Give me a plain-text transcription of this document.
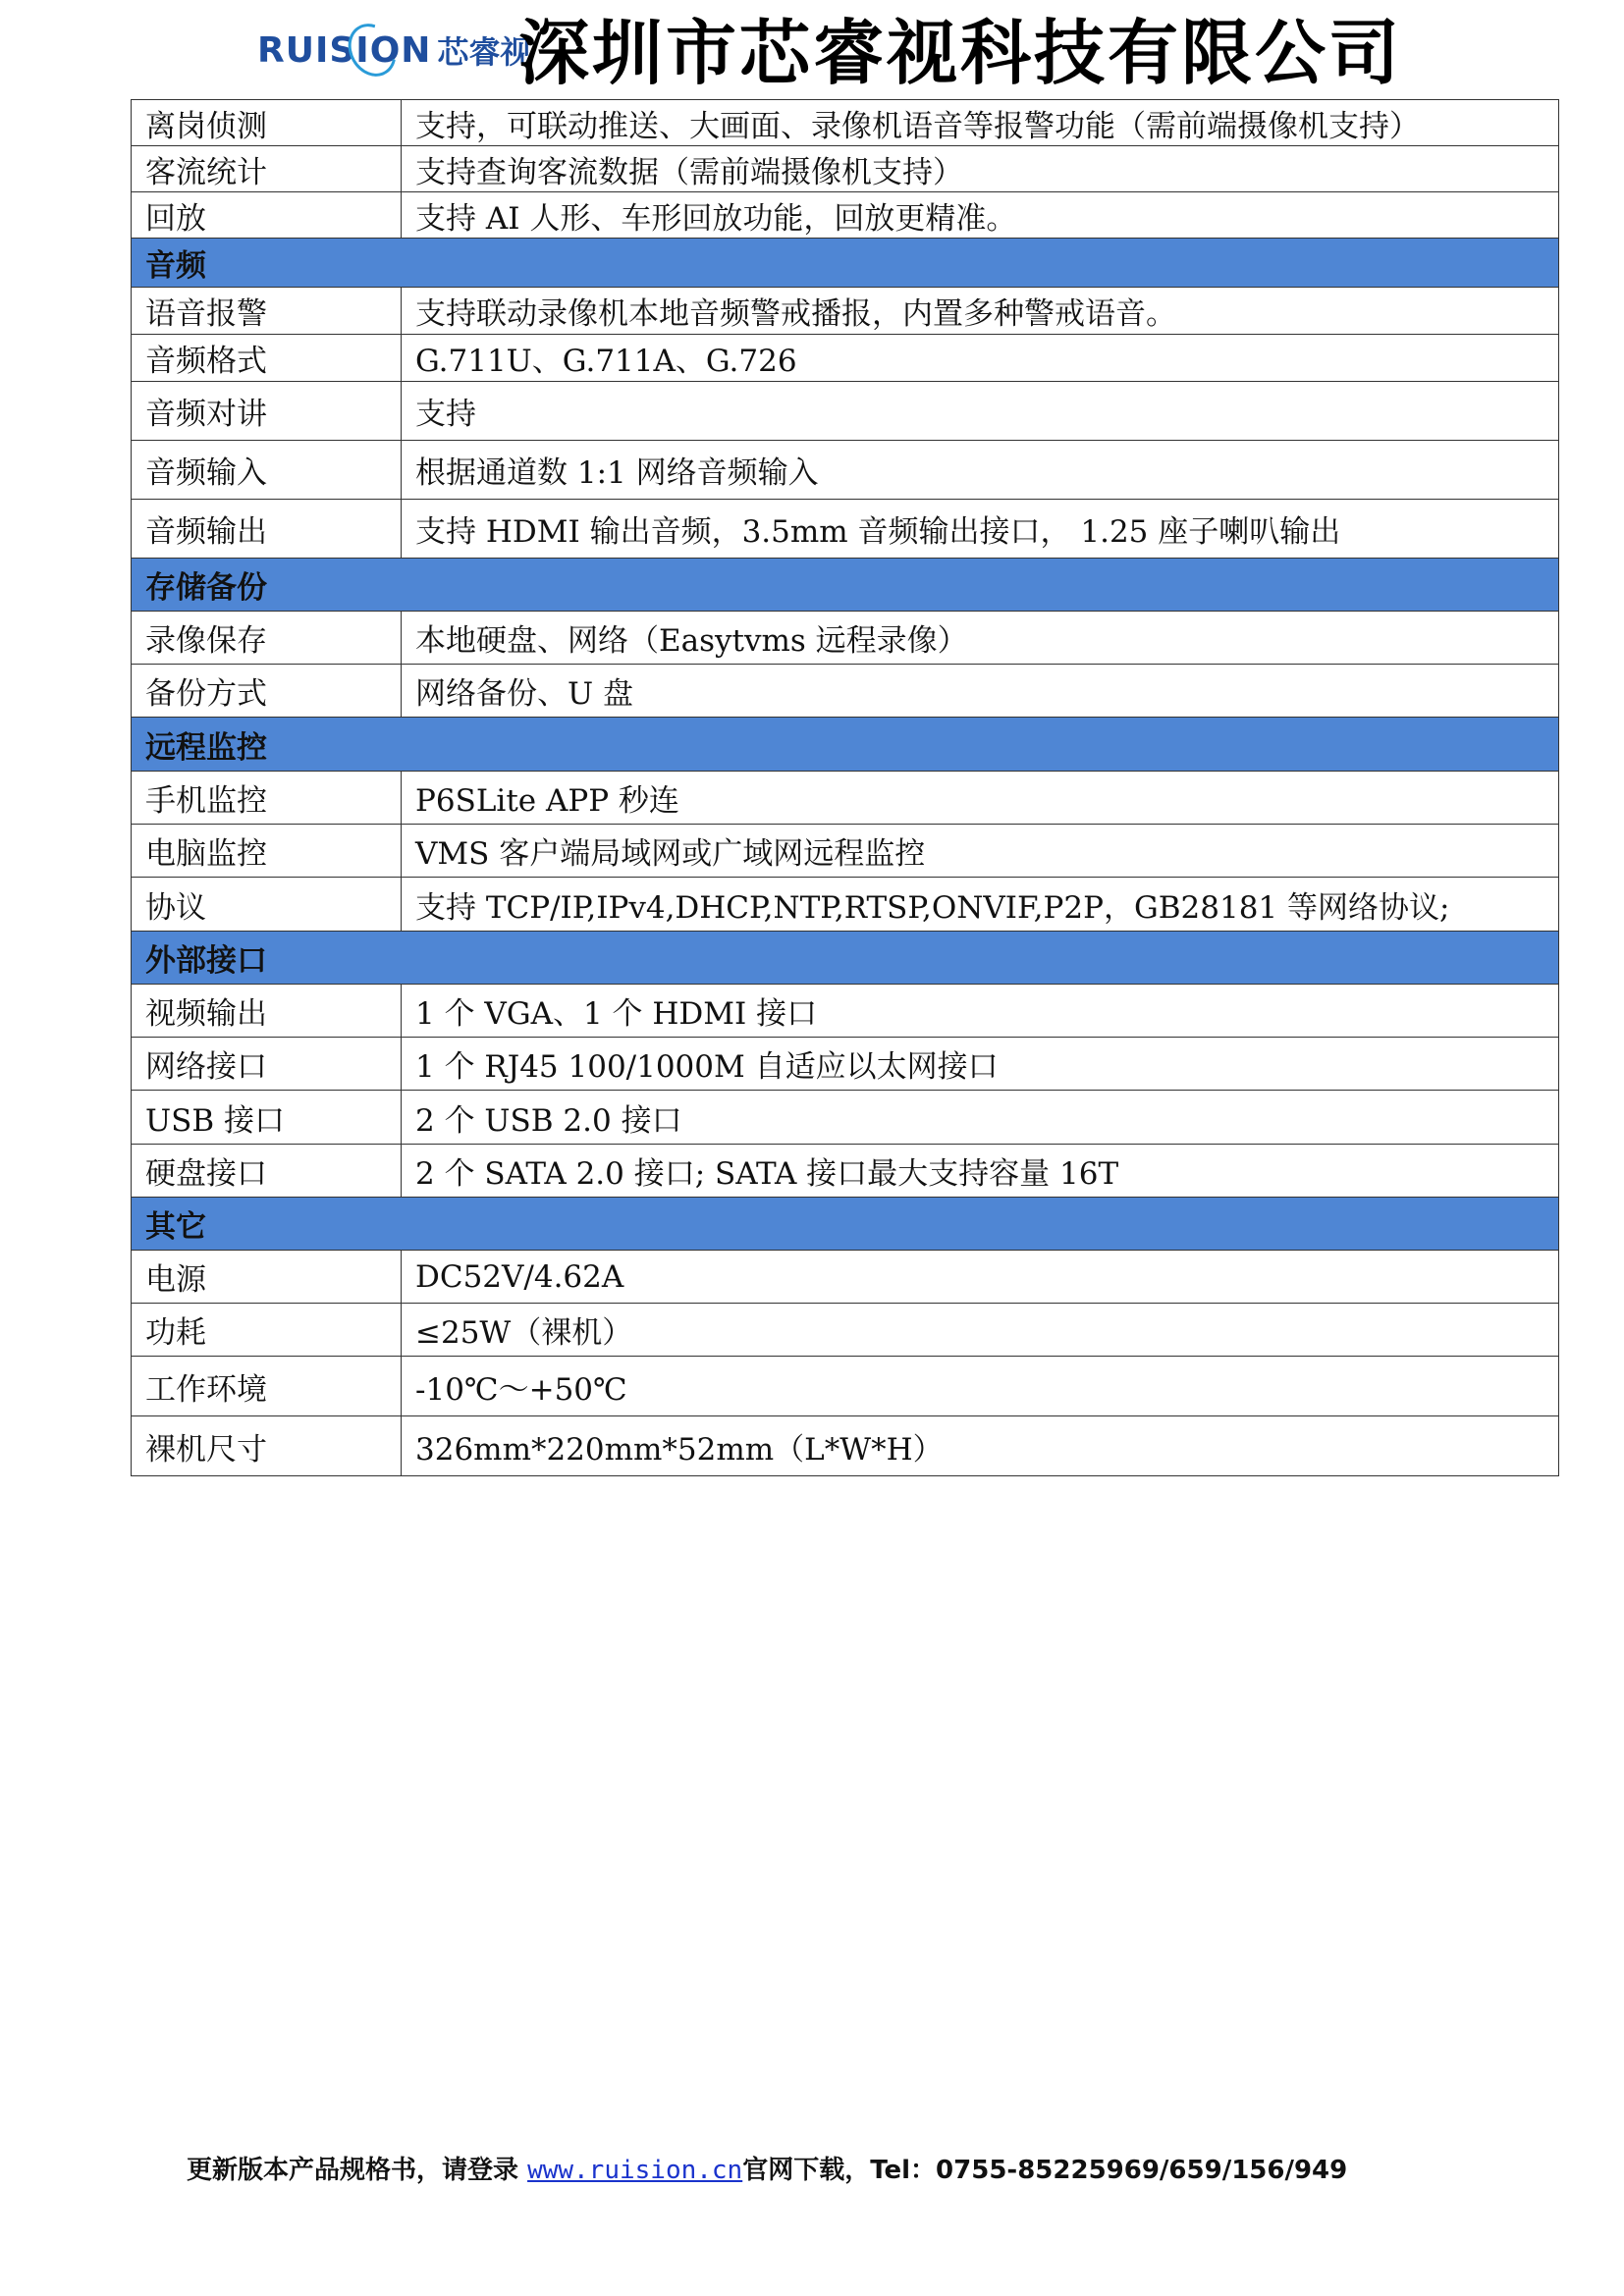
RUISION 芯睿视
深圳市芯睿视科技有限公司
离岗侦测	支持，可联动推送、大画面、录像机语音等报警功能（需前端摄像机支持）
客流统计	支持查询客流数据（需前端摄像机支持）
回放	支持 AI 人形、车形回放功能，回放更精准。
音频	
语音报警	支持联动录像机本地音频警戒播报，内置多种警戒语音。
音频格式	G.711U、G.711A、G.726
音频对讲	支持
音频输入	根据通道数 1:1 网络音频输入
音频输出	支持 HDMI 输出音频，3.5mm 音频输出接口， 1.25 座子喇叭输出
存储备份	
录像保存	本地硬盘、网络（Easytvms 远程录像）
备份方式	网络备份、U 盘
远程监控	
手机监控	P6SLite APP 秒连
电脑监控	VMS 客户端局域网或广域网远程监控
协议	支持 TCP/IP,IPv4,DHCP,NTP,RTSP,ONVIF,P2P，GB28181 等网络协议;
外部接口	
视频输出	1 个 VGA、1 个 HDMI 接口
网络接口	1 个 RJ45 100/1000M 自适应以太网接口
USB 接口	2 个 USB 2.0 接口
硬盘接口	2 个 SATA 2.0 接口; SATA 接口最大支持容量 16T
其它	
电源	DC52V/4.62A
功耗	≤25W（裸机）
工作环境	-10℃～+50℃
裸机尺寸	326mm*220mm*52mm（L*W*H）
更新版本产品规格书，请登录 www.ruision.cn官网下载，Tel：0755-85225969/659/156/949
